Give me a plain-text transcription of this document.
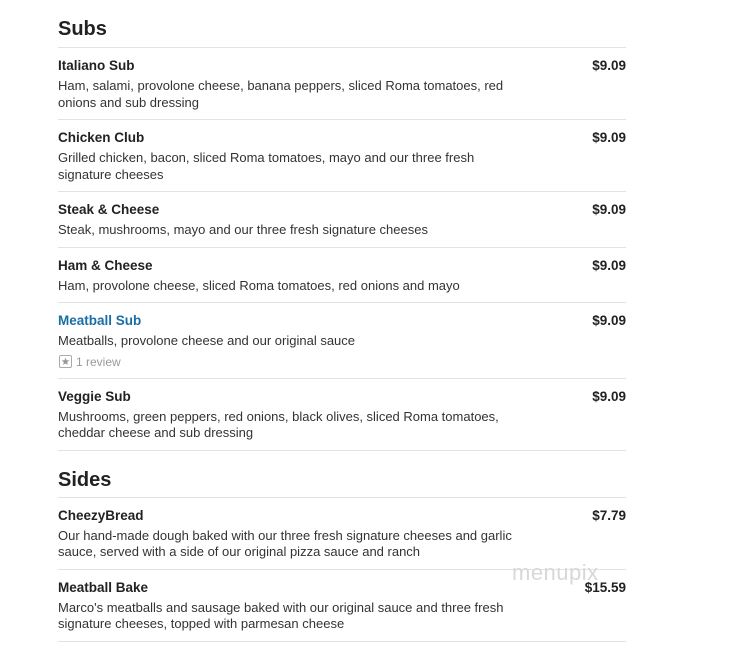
Subs
Italiano Sub	$9.09
Ham, salami, provolone cheese, banana peppers, sliced Roma tomatoes, red onions and sub dressing
Chicken Club	$9.09
Grilled chicken, bacon, sliced Roma tomatoes, mayo and our three fresh signature cheeses
Steak & Cheese	$9.09
Steak, mushrooms, mayo and our three fresh signature cheeses
Ham & Cheese	$9.09
Ham, provolone cheese, sliced Roma tomatoes, red onions and mayo
Meatball Sub	$9.09
Meatballs, provolone cheese and our original sauce
1 review
Veggie Sub	$9.09
Mushrooms, green peppers, red onions, black olives, sliced Roma tomatoes, cheddar cheese and sub dressing
Sides
CheezyBread	$7.79
Our hand-made dough baked with our three fresh signature cheeses and garlic sauce, served with a side of our original pizza sauce and ranch
Meatball Bake	$15.59
Marco's meatballs and sausage baked with our original sauce and three fresh signature cheeses, topped with parmesan cheese
menupix
